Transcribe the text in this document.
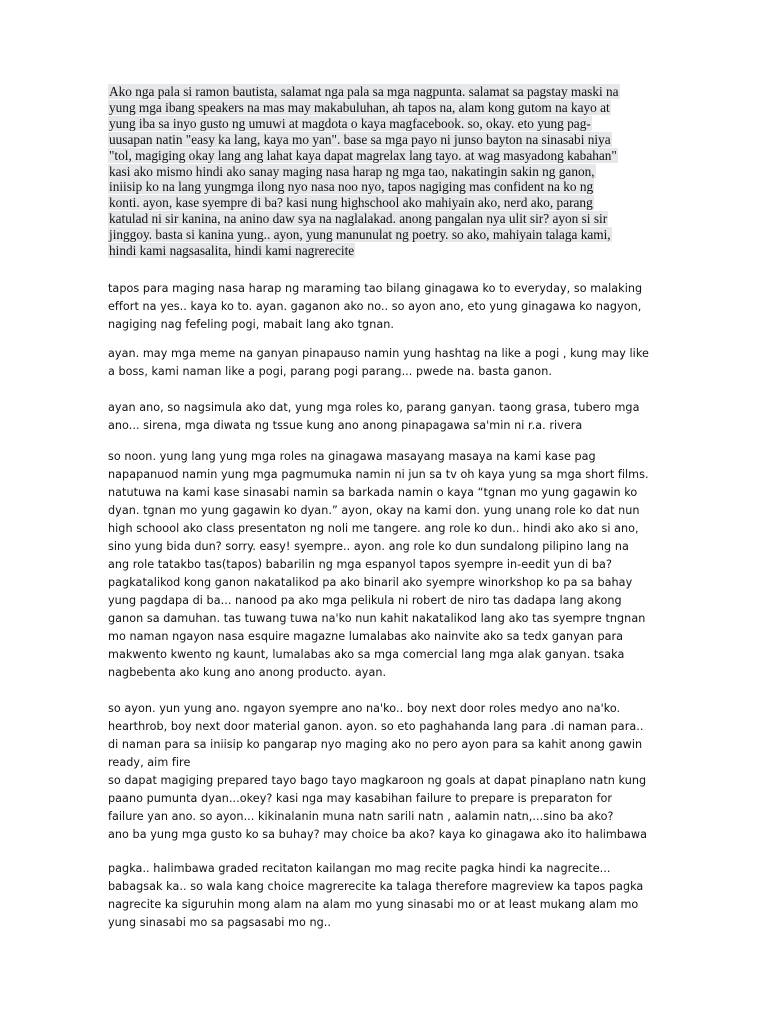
Ako nga pala si ramon bautista, salamat nga pala sa mga nagpunta. salamat sa pagstay maski na
yung mga ibang speakers na mas may makabuluhan, ah tapos na, alam kong gutom na kayo at
yung iba sa inyo gusto ng umuwi at magdota o kaya magfacebook. so, okay. eto yung pag-
uusapan natin "easy ka lang, kaya mo yan". base sa mga payo ni junso bayton na sinasabi niya
"tol, magiging okay lang ang lahat kaya dapat magrelax lang tayo. at wag masyadong kabahan"
kasi ako mismo hindi ako sanay maging nasa harap ng mga tao, nakatingin sakin ng ganon,
iniisip ko na lang yungmga ilong nyo nasa noo nyo, tapos nagiging mas confident na ko ng
konti. ayon, kase syempre di ba? kasi nung highschool ako mahiyain ako, nerd ako, parang
katulad ni sir kanina, na anino daw sya na naglalakad. anong pangalan nya ulit sir? ayon si sir
jinggoy. basta si kanina yung.. ayon, yung manunulat ng poetry. so ako, mahiyain talaga kami,
hindi kami nagsasalita, hindi kami nagrerecite

tapos para maging nasa harap ng maraming tao bilang ginagawa ko to everyday, so malaking
effort na yes.. kaya ko to. ayan. gaganon ako no.. so ayon ano, eto yung ginagawa ko nagyon,
nagiging nag fefeling pogi, mabait lang ako tgnan.

ayan. may mga meme na ganyan pinapauso namin yung hashtag na like a pogi , kung may like
a boss, kami naman like a pogi, parang pogi parang... pwede na. basta ganon.

ayan ano, so nagsimula ako dat, yung mga roles ko, parang ganyan. taong grasa, tubero mga
ano... sirena, mga diwata ng tssue kung ano anong pinapagawa sa'min ni r.a. rivera

so noon. yung lang yung mga roles na ginagawa masayang masaya na kami kase pag
napapanuod namin yung mga pagmumuka namin ni jun sa tv oh kaya yung sa mga short films.
natutuwa na kami kase sinasabi namin sa barkada namin o kaya “tgnan mo yung gagawin ko
dyan. tgnan mo yung gagawin ko dyan.” ayon, okay na kami don. yung unang role ko dat nun
high schoool ako class presentaton ng noli me tangere. ang role ko dun.. hindi ako ako si ano,
sino yung bida dun? sorry. easy! syempre.. ayon. ang role ko dun sundalong pilipino lang na
ang role tatakbo tas(tapos) babarilin ng mga espanyol tapos syempre in-eedit yun di ba?
pagkatalikod kong ganon nakatalikod pa ako binaril ako syempre winorkshop ko pa sa bahay
yung pagdapa di ba... nanood pa ako mga pelikula ni robert de niro tas dadapa lang akong
ganon sa damuhan. tas tuwang tuwa na'ko nun kahit nakatalikod lang ako tas syempre tngnan
mo naman ngayon nasa esquire magazne lumalabas ako nainvite ako sa tedx ganyan para
makwento kwento ng kaunt, lumalabas ako sa mga comercial lang mga alak ganyan. tsaka
nagbebenta ako kung ano anong producto. ayan.

so ayon. yun yung ano. ngayon syempre ano na'ko.. boy next door roles medyo ano na'ko.
hearthrob, boy next door material ganon. ayon. so eto paghahanda lang para .di naman para..
di naman para sa iniisip ko pangarap nyo maging ako no pero ayon para sa kahit anong gawin
ready, aim fire

so dapat magiging prepared tayo bago tayo magkaroon ng goals at dapat pinaplano natn kung
paano pumunta dyan...okey? kasi nga may kasabihan failure to prepare is preparaton for
failure yan ano. so ayon... kikinalanin muna natn sarili natn , aalamin natn,...sino ba ako?
ano ba yung mga gusto ko sa buhay? may choice ba ako? kaya ko ginagawa ako ito halimbawa

pagka.. halimbawa graded recitaton kailangan mo mag recite pagka hindi ka nagrecite...
babagsak ka.. so wala kang choice magrerecite ka talaga therefore magreview ka tapos pagka
nagrecite ka siguruhin mong alam na alam mo yung sinasabi mo or at least mukang alam mo
yung sinasabi mo sa pagsasabi mo ng..
